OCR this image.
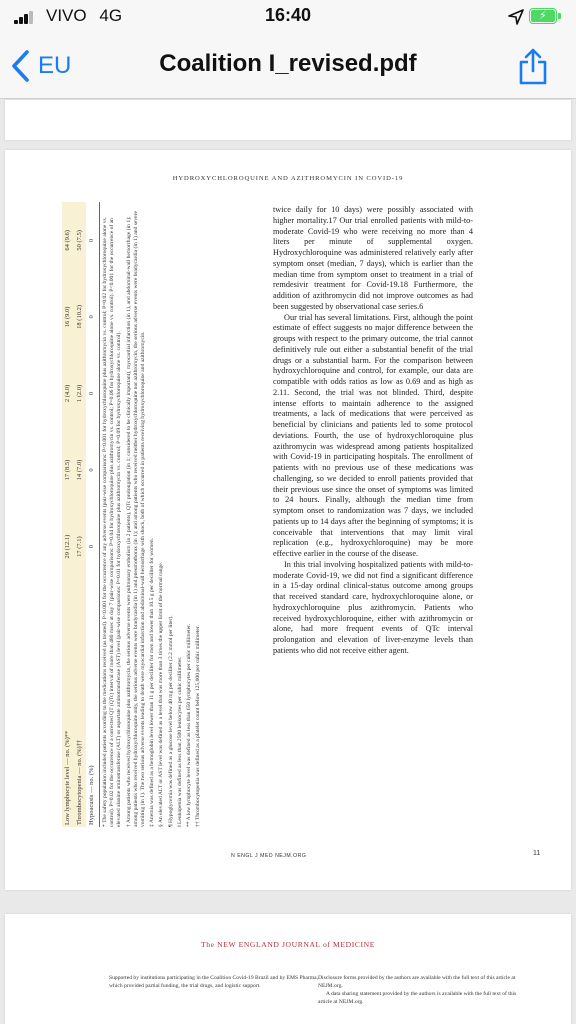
VIVO 4G	16:40	⚡
EU	Coalition I_revised.pdf
HYDROXYCHLOROQUINE AND AZITHROMYCIN IN COVID-19
N ENGL J MED NEJM.ORG	11
Low lymphocyte level — no. (%)**	29 (12.1)	17 (8.5)	2 (4.0)	16 (9.0)	64 (9.6)
Thrombocytopenia — no. (%)††	17 (7.1)	14 (7.0)	1 (2.0)	18 (10.2)	50 (7.5)
Hypoacusis — no. (%)	0	0	0	0	0
* The safety population included patients according to the medications received (as treated). P<0.001 for the occurrence of any adverse events (pair-wise comparisons: P<0.001 for hydroxychloroquine plus azithromycin vs. control; P=0.02 for hydroxychloroquine alone vs. control). P=0.02 for the occurrence of a corrected QT (QTc) interval of more than 480 msec at day 7 (pair-wise comparisons: P=0.04 for hydroxychloroquine plus azithromycin vs. control; P=0.06 for hydroxychloroquine alone vs. control). P<0.001 for the occurrence of an elevated alanine aminotransferase (ALT) or aspartate aminotransferase (AST) level (pair-wise comparisons: P=0.01 for hydroxychloroquine plus azithromycin vs. control; P=0.09 for hydroxychloroquine alone vs. control). † Among patients who received hydroxychloroquine plus azithromycin, the serious adverse events were pulmonary embolism (in 2 patients), QTc prolongation (in 1; considered to be clinically important), myocardial infarction (in 1), and abdominal-wall hemorrhage (in 1); among patients who received hydroxychloroquine only, the serious adverse events were bradycardia (in 1) and pneumothorax (in 1); and among patients who received neither hydroxychloroquine nor azithromycin, the serious adverse events were bradycardia (in 1) and severe vomiting (in 1). The two serious adverse events leading to death were myocardial infarction and abdominal-wall hemorrhage with shock, both of which occurred in patients receiving hydroxychloroquine and azithromycin. ‡ Anemia was defined as a hemoglobin level lower than 11 g per deciliter for men and lower than 10.5 g per deciliter for women.
§ An elevated ALT or AST level was defined as a level that was more than 3 times the upper limit of the normal range.
¶ Hypoglycemia was defined as a glucose level below 40 mg per deciliter (2.2 mmol per liter).
‖ Leukopenia was defined as less than 2500 leukocytes per cubic millimeter.
** A low lymphocyte level was defined as less than 650 lymphocytes per cubic millimeter.
†† Thrombocytopenia was defined as a platelet count below 125,000 per cubic millimeter.

twice daily for 10 days) were possibly associated with higher mortality.17 Our trial enrolled patients with mild-to-moderate Covid-19 who were receiving no more than 4 liters per minute of supplemental oxygen. Hydroxychloroquine was administered relatively early after symptom onset (median, 7 days), which is earlier than the median time from symptom onset to treatment in a trial of remdesivir treatment for Covid-19.18 Furthermore, the addition of azithromycin did not improve outcomes as had been suggested by observational case series.6

Our trial has several limitations. First, although the point estimate of effect suggests no major difference between the groups with respect to the primary outcome, the trial cannot definitively rule out either a substantial benefit of the trial drugs or a substantial harm. For the comparison between hydroxychloroquine and control, for example, our data are compatible with odds ratios as low as 0.69 and as high as 2.11. Second, the trial was not blinded. Third, despite intense efforts to maintain adherence to the assigned treatments, a lack of medications that were perceived as beneficial by clinicians and patients led to some protocol deviations. Fourth, the use of hydroxychloroquine plus azithromycin was widespread among patients hospitalized with Covid-19 in participating hospitals. The enrollment of patients with no previous use of these medications was challenging, so we decided to enroll patients provided that their previous use since the onset of symptoms was limited to 24 hours. Finally, although the median time from symptom onset to randomization was 7 days, we included patients up to 14 days after the beginning of symptoms; it is conceivable that interventions that may limit viral replication (e.g., hydroxychloroquine) may be more effective earlier in the course of the disease.

In this trial involving hospitalized patients with mild-to-moderate Covid-19, we did not find a significant difference in a 15-day ordinal clinical-status outcome among groups that received standard care, hydroxychloroquine alone, or hydroxychloroquine plus azithromycin. Patients who received hydroxychloroquine, either with azithromycin or alone, had more frequent events of QTc interval prolongation and elevation of liver-enzyme levels than patients who did not receive either agent.

The NEW ENGLAND JOURNAL of MEDICINE

Supported by institutions participating in the Coalition Covid-19 Brazil and by EMS Pharma, which provided partial funding, the trial drugs, and logistic support.

Disclosure forms provided by the authors are available with the full text of this article at NEJM.org.

A data sharing statement provided by the authors is available with the full text of this article at NEJM.org.
